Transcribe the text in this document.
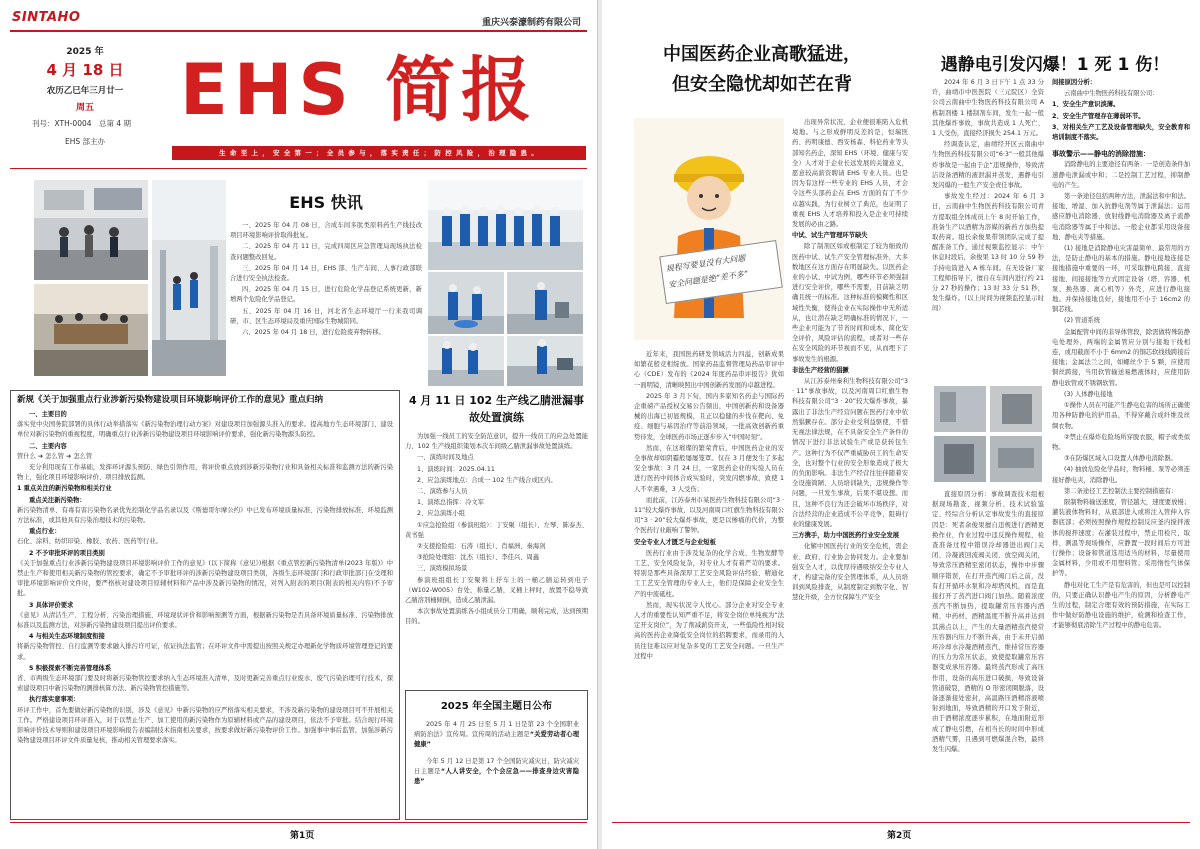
SINTAHO	重庆兴泰濠制药有限公司
2025 年
4 月 18 日
农历乙巳年三月廿一
周五
刊号：XTH-0004　总第 4 期
EHS 部主办
EHS 简报
生 命 至 上 ， 安 全 第 一 ； 全 员 参 与 ， 落 实 责 任 ； 防 控 风 险 ， 治 理 隐 患 。
EHS 快讯

一、2025 年 04 月 08 日，合成车间多肽类原料药生产线技改项目环境影响评价取得批复。

二、2025 年 04 月 11 日，完成四周区应急管理局现场执法检查问题整改回复。

三、2025 年 04 月 14 日，EHS 部、生产车间、人事行政部联合进行安全执法检查。

四、2025 年 04 月 15 日，进行危险化学品登记系统更新，新增两个危险化学品登记。

五、2025 年 04 月 16 日，河北省生态环境厅一行来我司调研，市、区生态环境局及重庆国际生物城陪同。

六、2025 年 04 月 18 日，进行危险废弃物转移。

新规《关于加强重点行业涉新污染物建设项目环境影响评价工作的意见》重点归纳

一、主要目的
落实党中央国务院部署的具体行动举措落实《新污染物治理行动方案》对建设项目加强源头准入的要求。提高地方生态环境部门、建设单位对新污染物的重视程度，明确重点行业涉新污染物建设项目环境影响评价要求，强化新污染物源头防控。

二、主要内容
管什么 ➔ 怎么管 ➔ 怎么管

充分利用现有工作基础，发挥环评源头预防、绿色引领作用，将评价重点放到涉新污染物行业和具备相关标准和监测方法的新污染物上，强化项目环境影响评价、项目排放监测。

1 重点关注的新污染物和相关行业

重点关注新污染物：
新污染物清单、有毒有害污染物名录优先控制化学品名录以及《斯德哥尔摩公约》中已发布环境质量标准、污染物排放标准、环境监测方法标准，或其他具有污染治理技术的污染物。

重点行业：
石化、涂料、纺织印染、橡胶、农药、医药等行业。

2 不予审批环评的项目类别
《关于加强重点行业涉新污染物建设项目环境影响评价工作的意见》(以下简称《意见》)根据《重点管控新污染物清单(2023 年版)》中禁止生产和使用相关新污染物的管控要求，确定不予审批环评的涉新污染物建设项目类别，各级生态环境部门和行政审批部门在受理和审批环境影响评价文件时，要严格核对建设项目原辅材料和产品中涉及新污染物的情况，对列入附表的项目(附表的相关内容)不予审批。

3 具体评价要求
《意见》从清洁生产、工程分析、污染治理措施、环境现状评价和影响预测等方面，根据新污染物是否具备环境质量标准、污染物排放标准以及监测方法，对涉新污染物建设项目提出评价要求。

4 与相关生态环境制度衔接
将新污染物管控、自行监测等要求融入排污许可证，依证执法监管；在环评文件中需提出按照关规定办理新化学物质环境管理登记的要求。

5 积极探索不断完善管理体系
省、市两级生态环境部门要及时将新污染物管控要求纳入生态环境准入清单，及时更新完善重点行业废水、废气污染治理可行技术，探索建设项目中新污染物的测排核算方法、新污染物管控措施等。

执行落实意事项：
环评工作中，首先要做好新污染物的识别，涉及《意见》中新污染物的应严格落实相关要求，不涉及新污染物的建设项目可不开展相关工作。严格建设项目环评准入，对于以禁止生产、加工使用的新污染物作为原辅材料或产品的建设项目，依法不予审批。结合现行环境影响评价技术导则和建设项目环境影响报告表编制技术指南相关要求，按要求做好新污染物评价工作。加强事中事后监管，加强涉新污染物建设项目环评文件质量复核，推动相关管理要求落实。

4 月 11 日 102 生产线乙腈泄漏事故处置演练

为加强一线员工的安全防范意识，提升一线员工的应急处置能力，102 生产线组织策划本次车间级乙腈泄漏事故处置演练。

一、演练时间及地点

1、演练时间：2025.04.11

2、应急演练地点：合成一 102 生产线合成区内。

二、演练参与人员

1、演练总指挥：冷文军

2、应急演练小组

①应急抢险组（参演班组）：丁安聚（组长）、左琴、陈泰杰、黄书强

②支援抢险组：石涛（组长）、肖福洲、秦海剑

③抢险处理组：沈杰（组长）、李佳兴、周鑫

三、演练模拟场景

参演班组组长丁安聚将上抒车上的一桶乙腈运转到电子（W102-W005）台处，称量乙腈，叉桶上秤时，放置不稳导致乙腈溶剂桶倾倒，造成乙腈泄漏。

本次事故处置演练各小组成员分工明确，顺利完成，达到预期目的。

2025 年全国主题日公布

2025 年 4 月 25 日至 5 月 1 日是第 23 个全国职业病防治法》宣传周。宣传周的活动主题是“关爱劳动者心理健康”

今年 5 月 12 日是第 17 个全国防灾减灾日，防灾减灾日主题是“人人讲安全，个个会应急——排查身边灾害隐患”

第1页
中国医药企业高歌猛进，
但安全隐忧却如芒在背
规程写要显没有大问题
安全问题是绝“差不多”

近年来，我国医药研发领域活力四溢，创新成果如繁花般竞相绽放。国家药品监督管理局药品审评中心（CDE）发布的《2024 年度药品审评报告》犹如一面明镜，清晰映照出中国创新药发展的卓越进程。

2025 年 3 月下旬，国内多家知名药企与国际药企重磅产品授权交易公告频出，中国创新药和设备器械的出海已初显规模，且正以稳健的步伐在靶向、免疫、细胞与基因治疗等前沿领域，一批高效创新药重势待发，全球医药市场正逐步步入“中国时刻”。

然而，在这璀璨的繁荣背后，中国医药企业的安全事故却如阴霾般屡屡笼罩。仅在 3 月便发生了多起安全事故：3 月 24 日，一家医药企业的实验人员在进行医药中间体合成实验时，突发闪燃事故，致使 1 人不幸遇难，3 人受伤；

而此前，江苏泰州市某医药生物科技有限公司“3 · 11”较大爆炸事故，以及河南周口红旗生物科技有限公司“3 · 20”较大爆炸事故，更是以惨痛的代价，为整个医药行业敲响了警钟。

安全专业人才匮乏与企业短板

医药行业由于涉及复杂的化学合成、生物发酵等工艺，安全风险复杂，对专业人才有着严苛的要求。特别是那些具备深厚工艺安全风险评估经验、精通化工工艺安全管理的专业人士，他们是保障企业安全生产的中流砥柱。

然而，现实状况令人忧心。部分企业对安全专业人才的重要性认知严重不足，将安全岗位单纯视为“法定开支岗位”，为了削减薪资开支，一些低险性相对较高的医药企业降低安全岗位的招聘要求，而录用的人员往往难以应对复杂多变的工艺安全问题。一旦生产过程中

出现异常状况，企业便很难陷入危机境地。与之形成鲜明反差的是，恒瑞医药、药明康德、西安杨森、科伦药业等头部知名药企，深知 EHS（环境、健康与安全）人才对于企业长远发展的关键意义，愿意较高薪资聘请 EHS 专业人员。也是因为有这样一些专业的 EHS 人员，才会令这些头部药企在 EHS 方面的有了不少卓越实践，为行业树立了典范，也证明了重视 EHS 人才培养和投入是企业可持续发展的必由之路。

中试、试生产管理环节缺失

除了制剂区如或根制定了较为细致的医药中试、试生产安全管理标准外，大多数地区在这方面存在明显缺失。以医药企业的小试、中试为例，哪些环节必须强制进行安全评价，哪些不需要，目前缺乏明确且统一的标准。这种标准的模糊性和区域性失衡，使得企业在实际操作中无所适从，也让潜在缺乏明确标准的情况下，一些企业可能为了节省时间和成本，简化安全评价，风险评估的流程，或者对一些存在安全风险的环节视而不见，从而埋下了事故发生的根源。

非法生产经营的猖獗

从江苏泰州秦利生物科技有限公司“3 · 11”事故事故，以及河南周口红旗生物科技有限公司“3 · 20”较大爆炸事故，暴露出了非法生产经营问题在医药行业中依然猖獗存在。部分企业受利益驱使，不惜无视法律法规，在不具备安全生产条件的情况下进行非法试验生产或是获转包生产。这种行为不仅严重威胁员工的生命安全，也对整个行业的安全形象造成了极大的负面影响。非法生产经营往往伴随着安全设施简陋、人员培训缺失，违规操作等问题，一旦发生事故，后果不堪设想。而且，这种不良行为还会破坏市场秩序，对合法经营的企业造成不公平竞争，阻碍行业的健康发展。

三方携手，助力中国医药行业安全发展

化解中国医药行业的安全危机，需企业、政府、行业协会协同发力。企业要加强安全人才，以优厚待遇吸纳安全专业人才，构建完备的安全管理体系，从人员培训到风险排查，从制度制定到数字化、智慧化升级，全方位保障生产安全

遇静电引发闪爆！1 死 1 伤！

2024 年 6 月 3 日下午 1 点 33 分许，曲靖市中医医院（三元院区）全资公司云南曲中生物医药科技有限公司 A 栋制剂楼 1 楼制剂车间，发生一起一般其他爆炸事故，事故共造成 1 人死亡、1 人受伤，直接经济损失 254.1 万元。

经调查认定，曲靖经开区云南曲中生物医药科技有限公司“6·3”一般其他爆炸事故是一起由于企“违规操作，导致清洁设备酒精的液泄漏并蒸发，遇静电引发闪爆的一般生产安全责任事故。

事故发生经过：2024 年 6 月 3 日，云南曲中生物医药科技有限公司青方提取组全体成员上午 8 时开始工作，准备生产以酒精为溶媒的新药方加热提取药膏。组长余俊果带领团队完成了提醒准备工作，通过视频监控显示：中午休息时段后，余俊果 13 时 10 分 59 秒手持电筒进入 A 栋车间。在无设备厂家工程师指导下，擅自在车间内进行约 21 分 27 秒的操作；13 时 33 分 51 秒，发生爆炸。（以上时间为视频监控显示时间）

直接原因分析：事故调查技术组根据现场勘查、视频分析、技术试验鉴定、经综合分析认定事故发生的直接原因是：死者余俊果擅自违规进行酒精更换作业，作业过程中违反操作规程，检查准备过程中错误冷却器进出阀门关闭、冷凝液回流阀关闭、放空阀关闭，导致常压酒精至密闭状态，操作中步骤顺序错误，在打开蒸汽阀门后之前，没有打开循环水泵和冷却塔风机，而是直接打开了蒸汽进口阀门加热。随着浓度蒸汽不断加热，提取罐常压容器内酒精、中药材，酒精温度不断升高并达到其沸点以上，产生的大量酒精蒸汽使常压容器内压力不断升高，由于未开启循环冷却水冷凝酒精蒸汽，维持常压容器的压力为常压状态，致使提取罐常压容器变成承压容器。最终蒸汽形成了高压作用，设备的高压进口破损，导致设备管道破裂，酒精的 O 形密闭圈脱落，设备逐渐接处密封，高温路压酒精溶液喷射到地面，导致酒精的开口发于附近，由于酒精浓度逐步累积，在地面附近形成了静电引燃，在相当长的时间中形成酒精气雾，且遇到可燃爆混合物，最终发生闪爆。

间接原因分析：

云南曲中生物医药科技有限公司：

1、安全生产意识淡薄。

2、安全生产管理存在薄弱环节。

3、对相关生产工艺及设备管理缺失，安全教育和培训制度不落实。

事故警示——静电的消除措施：

消除静电的主要途径有两条：一是创造条件加速静电泄漏或中和；二是控制工艺过程，抑制静电的产生。

第一条途径包括两种方法，泄漏法和中和法。接地、增湿、加入抗静电剂等属于泄漏法；运用感应静电消除器、放射线静电消除器及离子流静电消除器等属于中和法。一般企业都采用设备接地、静电夹等措施。

(1) 接地是消除静电灾害最简单、最常用的方法，是防止静电的基本的措施。静电接地连接是接地措施中重要的一环，可采取静电跨接、直接接地、间接接地等方式固定设备（塔、容器、机泵、换热器、离心机等）外壳，应进行静电接地。并保持接地良好，接地用不小于 16cm2 的铜芯线。

(2) 管道系统

金属配管中间的非导体管段，除需做特殊防静电处理外，两端的金属管应分别与接地干线相连，或用截面不小于 6mm2 的铜芯软线线跨接后接地；金属法兰之间，如螺丝少于 5 颗，应使用铜丝跨接，当用软管输送易燃液体时，应使用防静电软管或不锈钢软管。

(3) 人体静电接地

①操作人员在可能产生静电危害的场所正确使用各种防静电的护用品，不得穿戴合成纤维及丝绸衣物。

②禁止在爆炸危险场所穿脱衣服，帽子或类似物。

③在防爆区域入口设置人体静电消除器。

(4) 抽放危险化学品时，物料桶、泵等必须连接好静电夹，消除静电。

第二条途径工艺控制法主要控制措施有：

限制物料输送速度，管径越大，速度要放慢；灌装液体物料时，从底部进入或将注入管伸入容器底部；必须按照操作规程控制反应釜内搅拌液体的搅拌速度；在灌装过程中，禁止用检尺、取样、测温等现场操作，应静置一段时间后方可进行操作；设备和管道选用适当的材料，尽量使用金属材料，少用或不用塑料管；采用惰性气体保护等。

静电对化工生产是有危害的，但也是可以控制的，只要正确认识静电产生的原因，分析静电产生的过程，制定合理有效的预防措施，在实际工作中做好防静电设施的维护，检测和检查工作，才能够彻底消除生产过程中的静电危害。

第2页
